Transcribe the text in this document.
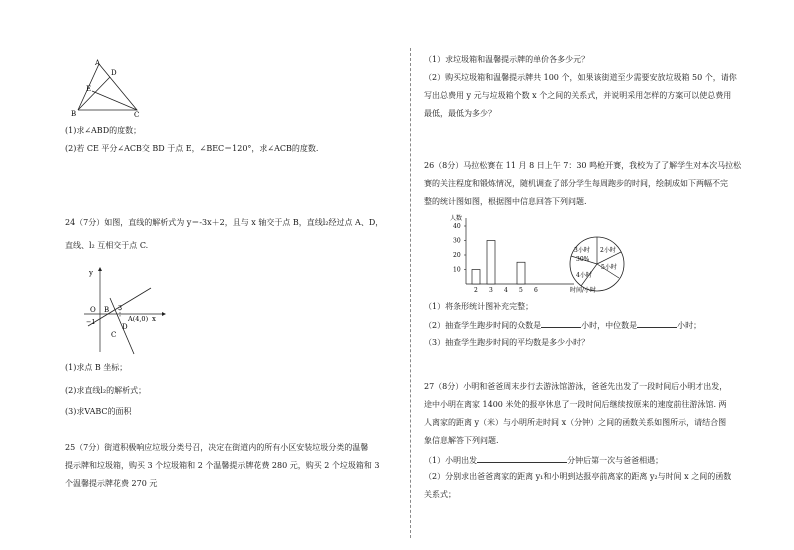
A
D
E
B	C
(1)求∠ABD的度数；
(2)若 CE 平分∠ACB交 BD 于点 E，∠BEC＝120°，求∠ACB的度数.
24（7分）如图，直线的解析式为 y＝-3x＋2，且与 x 轴交于点 B，直线l₂经过点 A、D，
直线、l₂ 互相交于点 C.
y
O B 3
−1	A(4,0) x
D
C
(1)求点 B 坐标；
(2)求直线l₂的解析式；
(3)求VABC的面积
25（7分）街道积极响应垃圾分类号召，决定在街道内的所有小区安装垃圾分类的温馨
提示牌和垃圾箱，购买 3 个垃圾箱和 2 个温馨提示牌花费 280 元，购买 2 个垃圾箱和 3
个温馨提示牌花费 270 元
（1）求垃圾箱和温馨提示牌的单价各多少元？
（2）购买垃圾箱和温馨提示牌共 100 个，如果该街道至少需要安放垃圾箱 50 个，请你
写出总费用 y 元与垃圾箱个数 x 个之间的关系式，并说明采用怎样的方案可以使总费用
最低，最低为多少？
26（8分）马拉松赛在 11 月 8 日上午 7：30 鸣枪开赛，我校为了了解学生对本次马拉松
赛的关注程度和锻炼情况，随机调查了部分学生每周跑步的时间，绘制成如下两幅不完
整的统计图如图，根据图中信息回答下列问题.
人数
时间/小时
40
30
20
10
2 3 4 5 6
3小时
30%
2小时
5小时
4小时
（1）将条形统计图补充完整；
（2）抽查学生跑步时间的众数是	小时，中位数是	小时；
（3）抽查学生跑步时间的平均数是多少小时？
27（8分）小明和爸爸周末步行去游泳馆游泳，爸爸先出发了一段时间后小明才出发，
途中小明在离家 1400 米处的报亭休息了一段时间后继续按原来的速度前往游泳馆. 两
人离家的距离 y（米）与小明所走时间 x（分钟）之间的函数关系如图所示，请结合图
象信息解答下列问题.
（1）小明出发	分钟后第一次与爸爸相遇；
（2）分别求出爸爸离家的距离 y₁和小明到达报亭前离家的距离 y₂与时间 x 之间的函数
关系式；
